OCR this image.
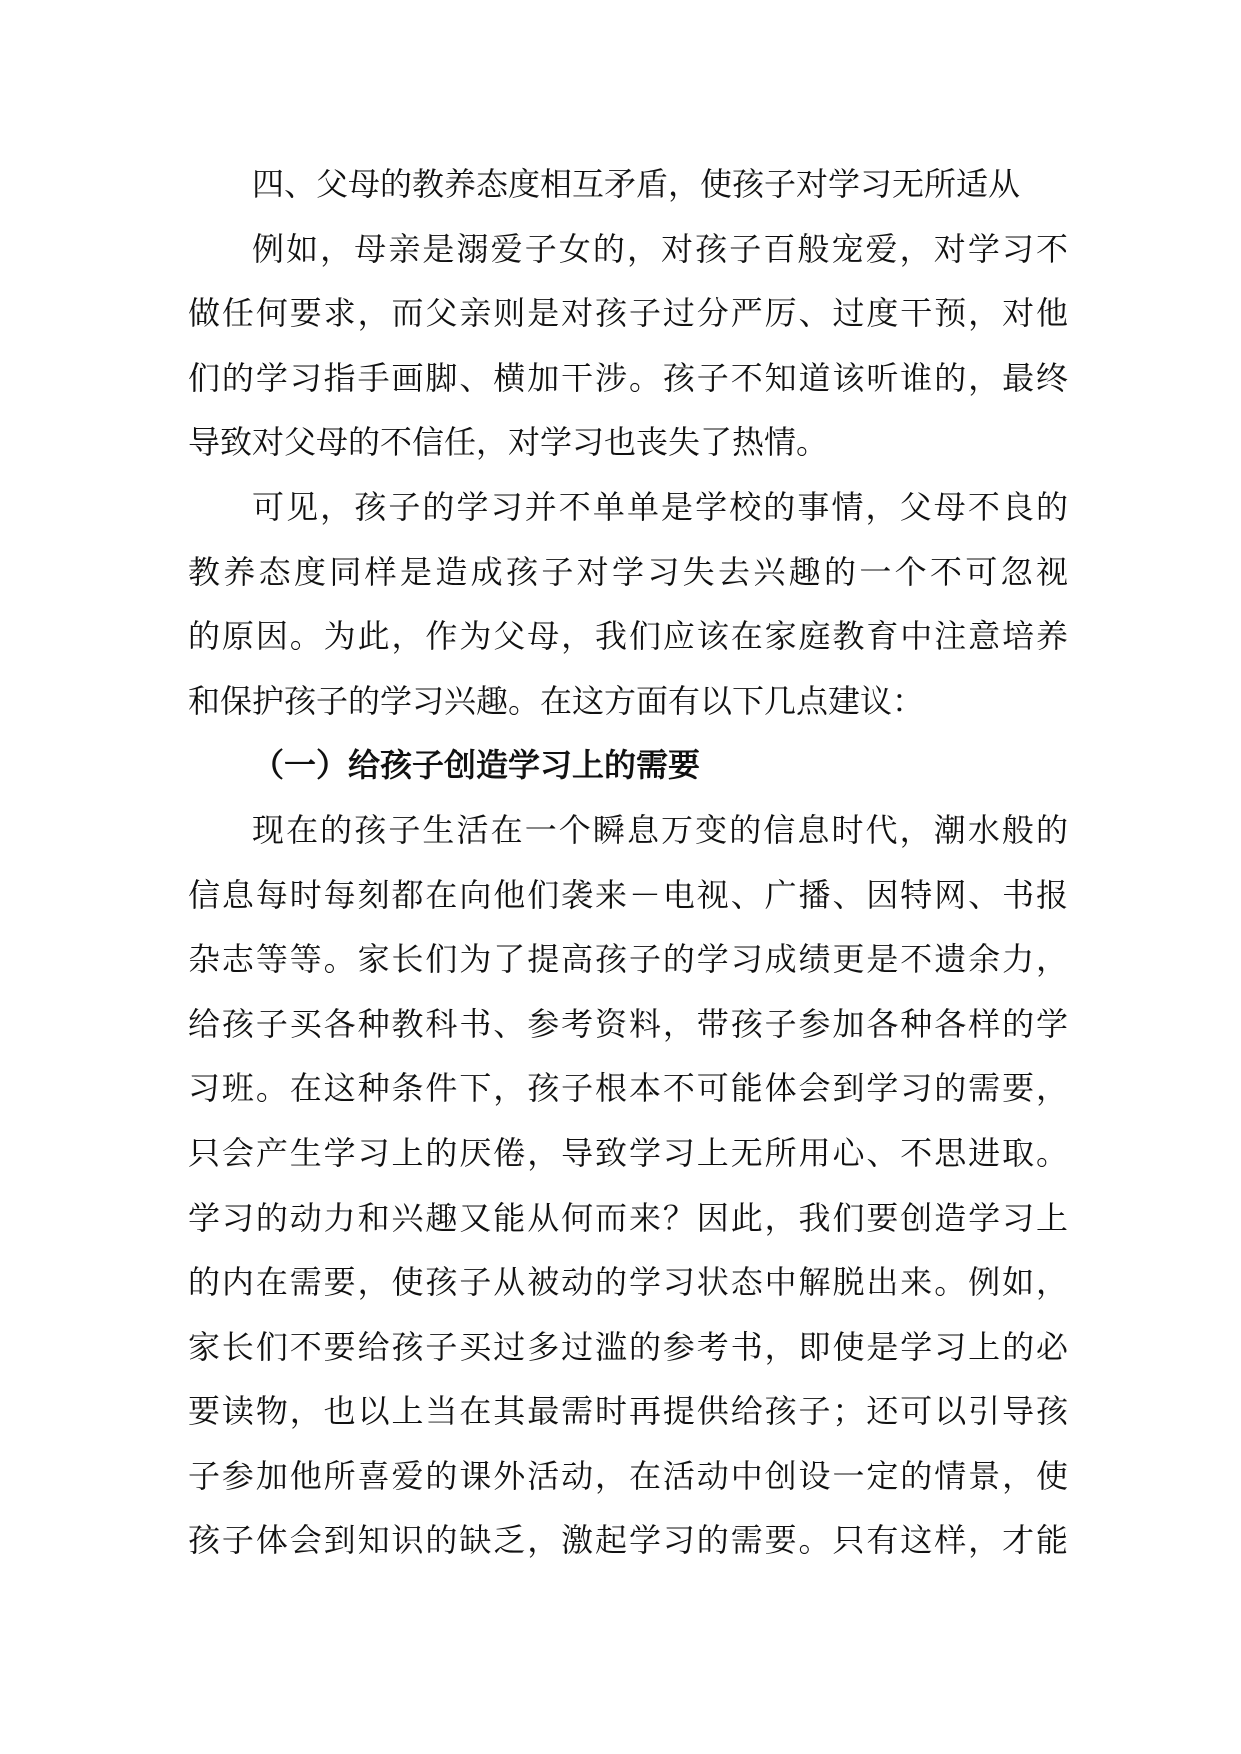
四、父母的教养态度相互矛盾，使孩子对学习无所适从
例如，母亲是溺爱子女的，对孩子百般宠爱，对学习不
做任何要求，而父亲则是对孩子过分严厉、过度干预，对他
们的学习指手画脚、横加干涉。孩子不知道该听谁的，最终
导致对父母的不信任，对学习也丧失了热情。
可见，孩子的学习并不单单是学校的事情，父母不良的
教养态度同样是造成孩子对学习失去兴趣的一个不可忽视
的原因。为此，作为父母，我们应该在家庭教育中注意培养
和保护孩子的学习兴趣。在这方面有以下几点建议：
（一）给孩子创造学习上的需要
现在的孩子生活在一个瞬息万变的信息时代，潮水般的
信息每时每刻都在向他们袭来－电视、广播、因特网、书报
杂志等等。家长们为了提高孩子的学习成绩更是不遗余力，
给孩子买各种教科书、参考资料，带孩子参加各种各样的学
习班。在这种条件下，孩子根本不可能体会到学习的需要，
只会产生学习上的厌倦，导致学习上无所用心、不思进取。
学习的动力和兴趣又能从何而来？因此，我们要创造学习上
的内在需要，使孩子从被动的学习状态中解脱出来。例如，
家长们不要给孩子买过多过滥的参考书，即使是学习上的必
要读物，也以上当在其最需时再提供给孩子；还可以引导孩
子参加他所喜爱的课外活动，在活动中创设一定的情景，使
孩子体会到知识的缺乏，激起学习的需要。只有这样，才能
